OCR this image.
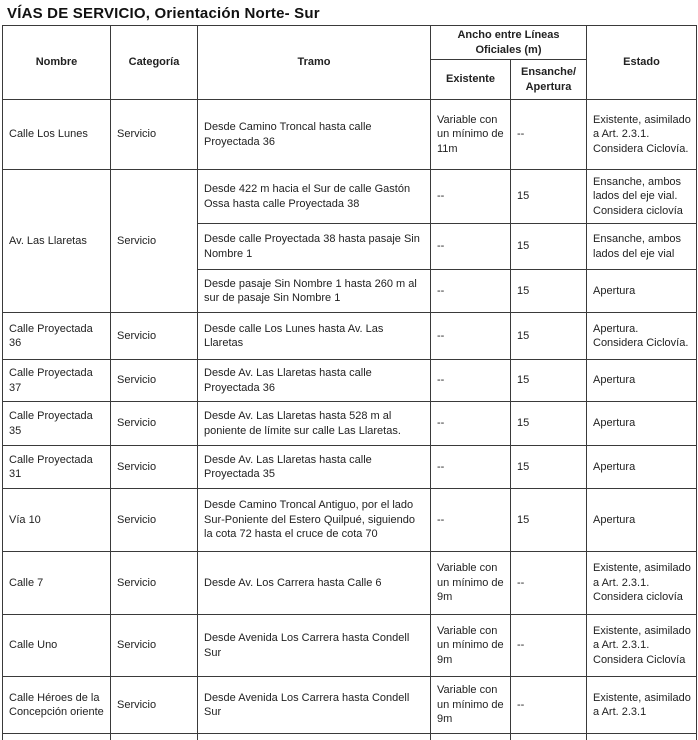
VÍAS DE SERVICIO, Orientación Norte- Sur
Nombre	Categoría	Tramo	Ancho entre Líneas Oficiales (m)		Estado
			Existente	Ensanche/ Apertura	
Calle Los Lunes	Servicio	Desde Camino Troncal hasta calle Proyectada 36	Variable con un mínimo de 11m	--	Existente, asimilado a Art. 2.3.1. Considera Ciclovía.
Av. Las Llaretas	Servicio	Desde 422 m hacia el Sur de calle Gastón Ossa hasta calle Proyectada 38	--	15	Ensanche, ambos lados del eje vial. Considera ciclovía
		Desde calle Proyectada 38 hasta pasaje Sin Nombre 1	--	15	Ensanche, ambos lados del eje vial
		Desde pasaje Sin Nombre 1 hasta 260 m al sur de pasaje Sin Nombre 1	--	15	Apertura
Calle Proyectada 36	Servicio	Desde calle Los Lunes hasta Av. Las Llaretas	--	15	Apertura. Considera Ciclovía.
Calle Proyectada 37	Servicio	Desde Av. Las Llaretas hasta calle Proyectada 36	--	15	Apertura
Calle Proyectada 35	Servicio	Desde Av. Las Llaretas hasta 528 m al poniente de límite sur calle Las Llaretas.	--	15	Apertura
Calle Proyectada 31	Servicio	Desde Av. Las Llaretas hasta calle Proyectada 35	--	15	Apertura
Vía 10	Servicio	Desde Camino Troncal Antiguo, por el lado Sur-Poniente del Estero Quilpué, siguiendo la cota 72 hasta el cruce de cota 70	--	15	Apertura
Calle 7	Servicio	Desde Av. Los Carrera hasta Calle 6	Variable con un mínimo de 9m	--	Existente, asimilado a Art. 2.3.1. Considera ciclovía
Calle Uno	Servicio	Desde Avenida Los Carrera hasta Condell Sur	Variable con un mínimo de 9m	--	Existente, asimilado a Art. 2.3.1. Considera Ciclovía
Calle Héroes de la Concepción oriente	Servicio	Desde Avenida Los Carrera hasta Condell Sur	Variable con un mínimo de 9m	--	Existente, asimilado a Art. 2.3.1
